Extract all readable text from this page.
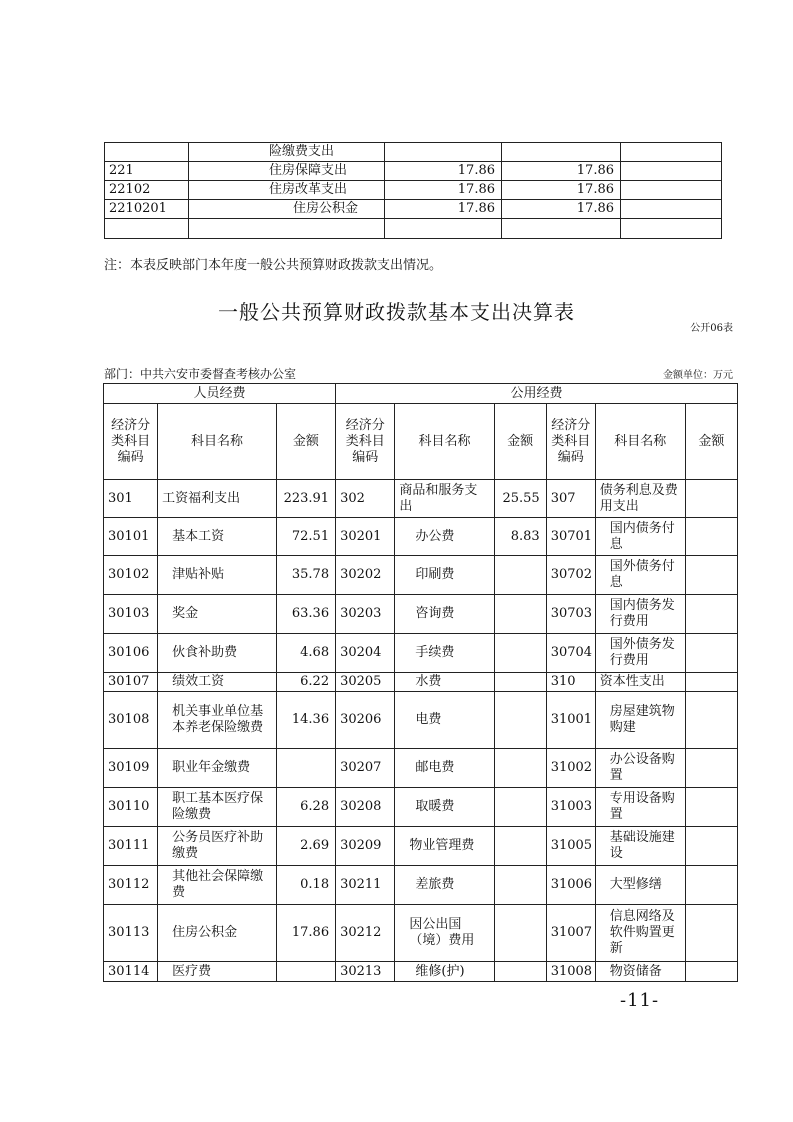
	险缴费支出			
221	住房保障支出	17.86	17.86	
22102	住房改革支出	17.86	17.86	
2210201	住房公积金	17.86	17.86	

注：本表反映部门本年度一般公共预算财政拨款支出情况。
一般公共预算财政拨款基本支出决算表
公开06表
部门：中共六安市委督查考核办公室	金额单位：万元
人员经费			公用经费					
经济分类科目编码	科目名称	金额	经济分类科目编码	科目名称	金额	经济分类科目编码	科目名称	金额
301	工资福利支出	223.91	302	商品和服务支出	25.55	307	债务利息及费用支出	
30101	基本工资	72.51	30201	办公费	8.83	30701	国内债务付息	
30102	津贴补贴	35.78	30202	印刷费		30702	国外债务付息	
30103	奖金	63.36	30203	咨询费		30703	国内债务发行费用	
30106	伙食补助费	4.68	30204	手续费		30704	国外债务发行费用	
30107	绩效工资	6.22	30205	水费		310	资本性支出	
30108	机关事业单位基本养老保险缴费	14.36	30206	电费		31001	房屋建筑物购建	
30109	职业年金缴费		30207	邮电费		31002	办公设备购置	
30110	职工基本医疗保险缴费	6.28	30208	取暖费		31003	专用设备购置	
30111	公务员医疗补助缴费	2.69	30209	物业管理费		31005	基础设施建设	
30112	其他社会保障缴费	0.18	30211	差旅费		31006	大型修缮	
30113	住房公积金	17.86	30212	因公出国（境）费用		31007	信息网络及软件购置更新	
30114	医疗费		30213	维修(护)		31008	物资储备	
-11-
